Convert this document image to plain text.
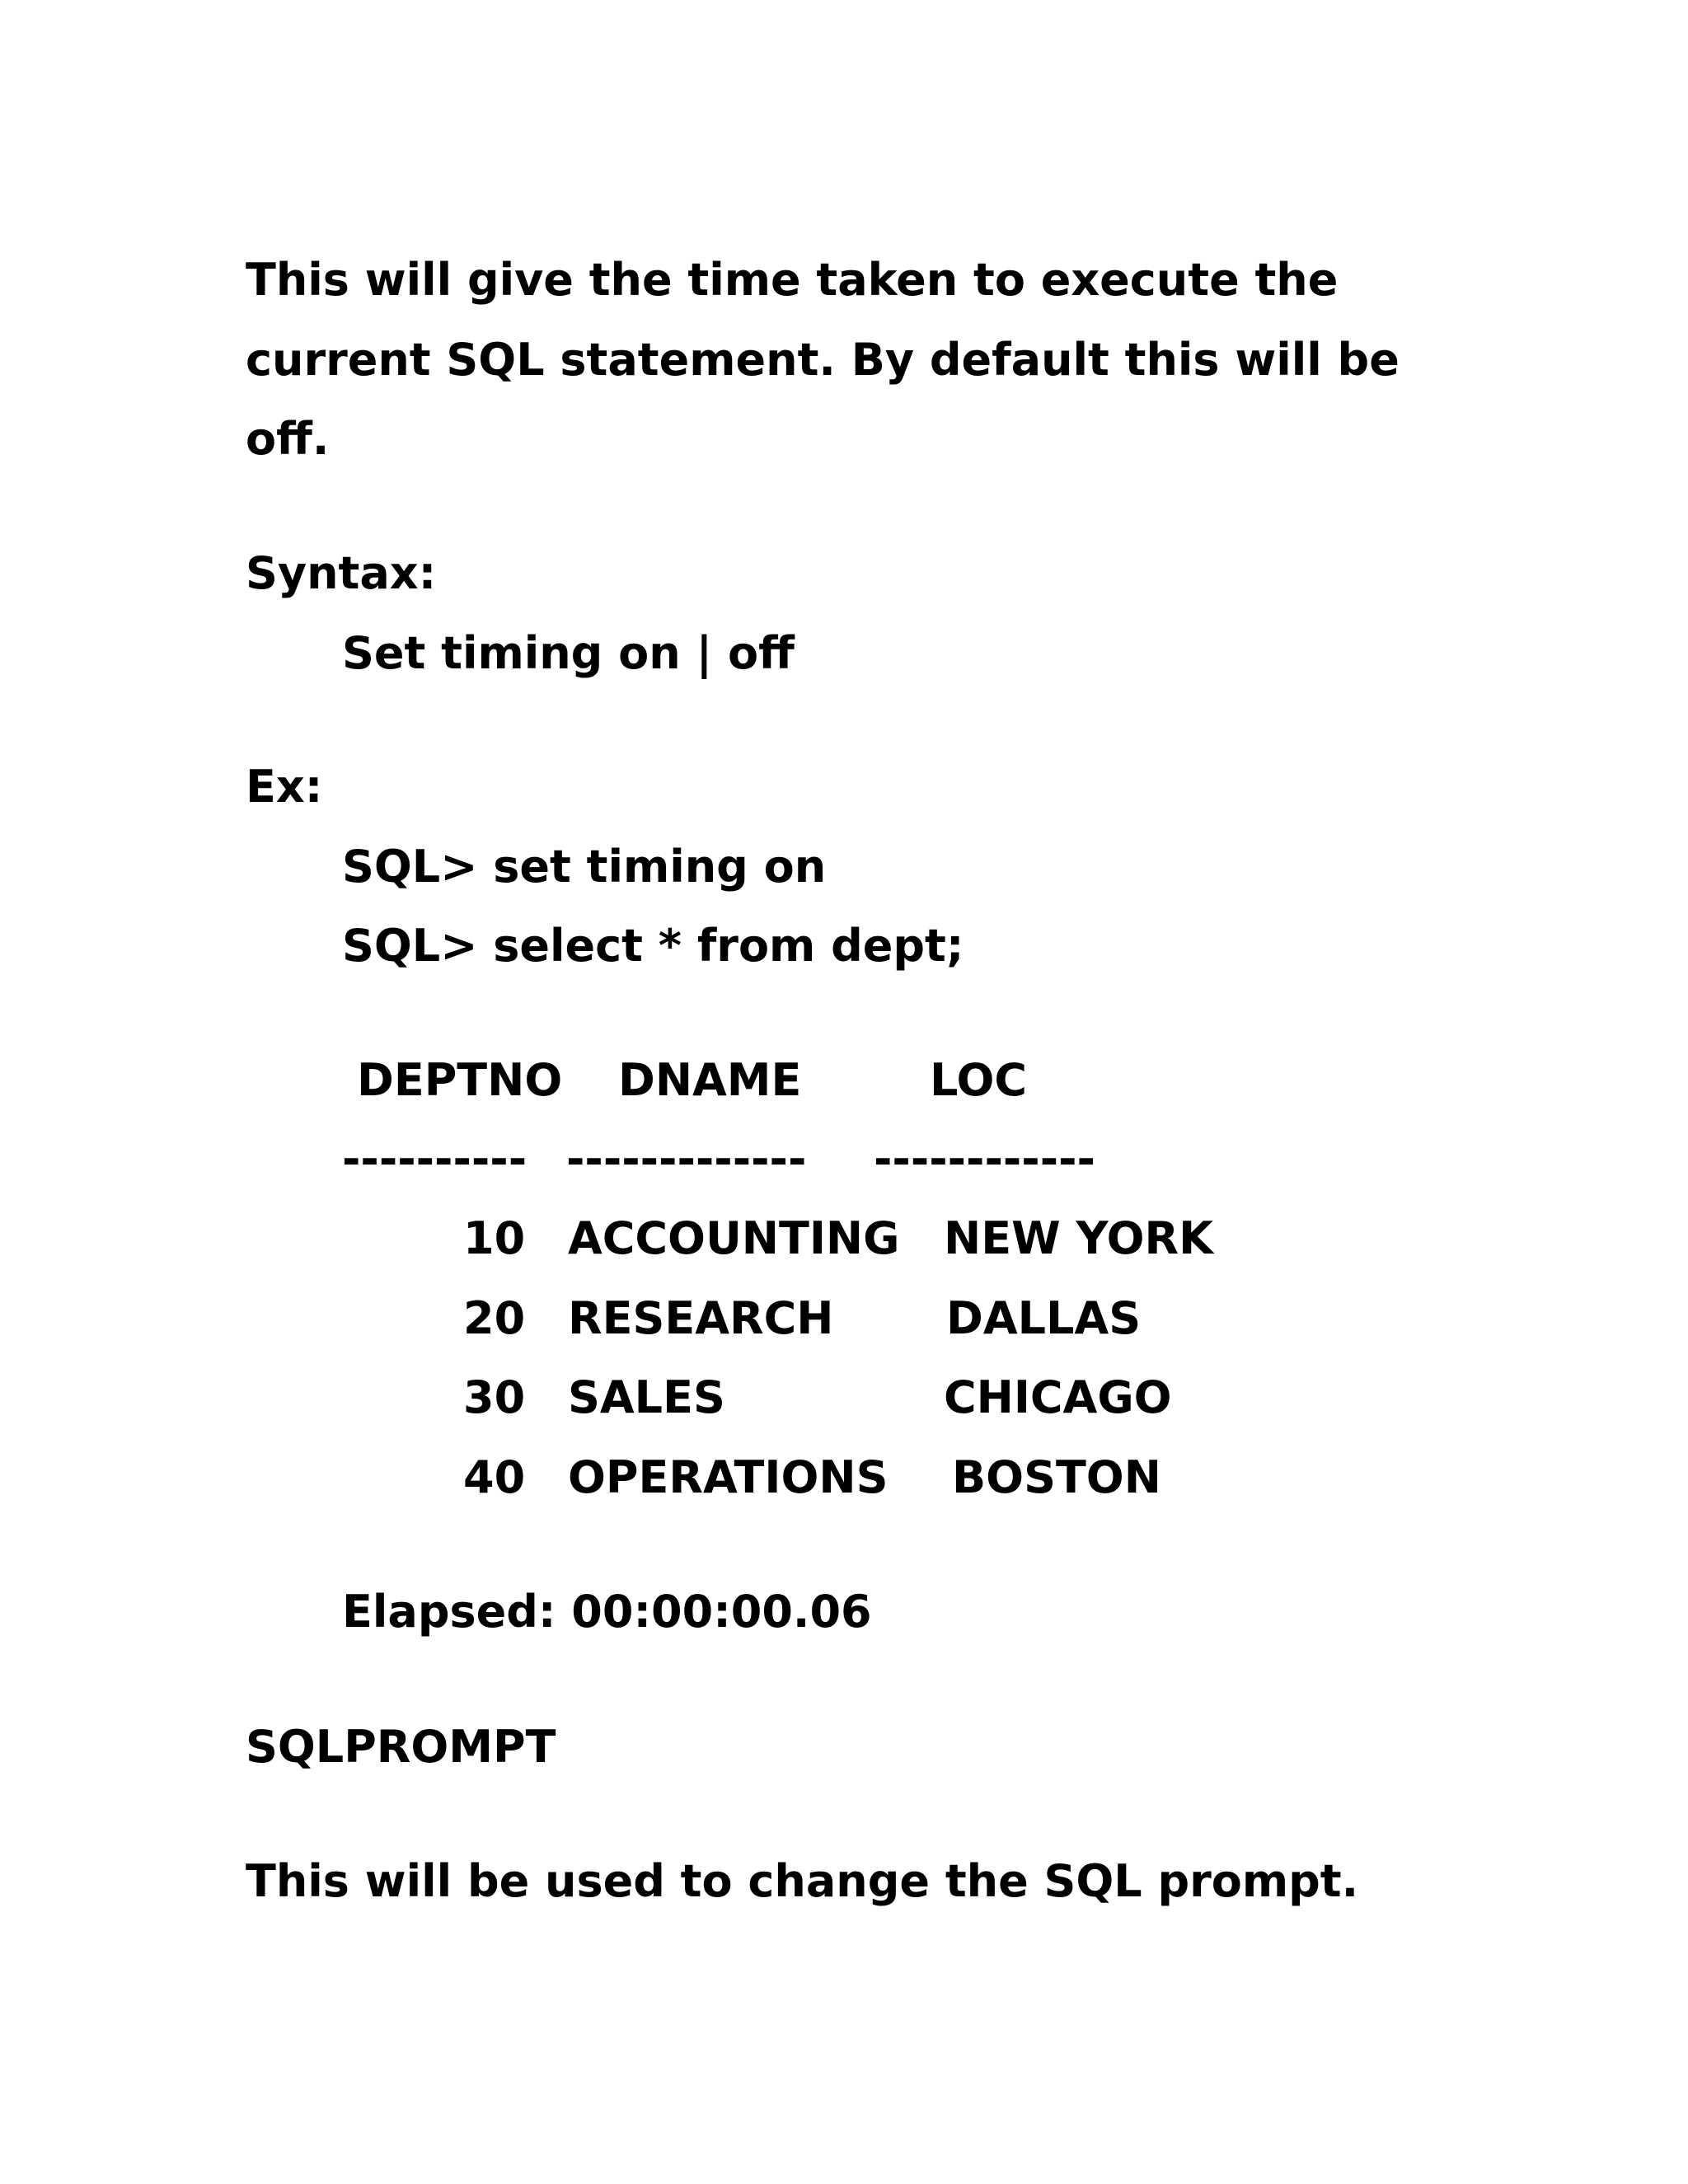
This will give the time taken to execute the

current SQL statement. By default this will be

off.

Syntax:

Set timing on | off

Ex:

SQL> set timing on

SQL> select * from dept;

DEPTNO DNAME	LOC
---------- ------------- ------------
10 ACCOUNTING NEW YORK
20 RESEARCH	DALLAS
30 SALES	CHICAGO
40 OPERATIONS BOSTON

Elapsed: 00:00:00.06

SQLPROMPT

This will be used to change the SQL prompt.
